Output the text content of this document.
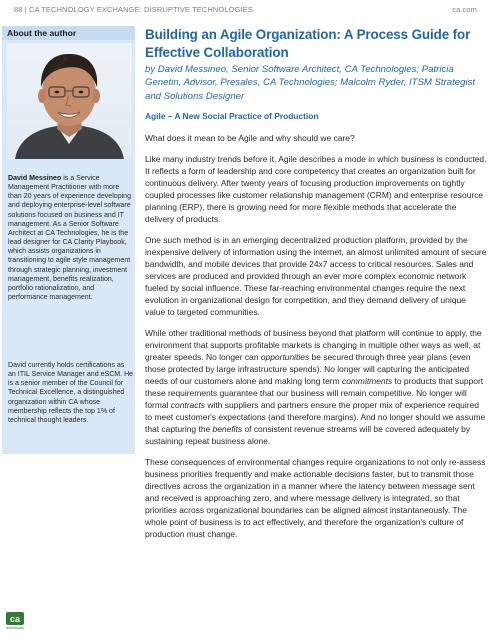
88 | CA TECHNOLOGY EXCHANGE: DISRUPTIVE TECHNOLOGIES	ca.com
About the author

David Messineo is a Service Management Practitioner with more than 20 years of experience developing and deploying enterprise-level software solutions focused on business and IT management. As a Senior Software Architect at CA Technologies, he is the lead designer for CA Clarity Playbook, which assists organizations in transitioning to agile style management through strategic planning, investment management, benefits realization, portfolio rationalization, and performance management.

David currently holds certifications as an ITIL Service Manager and eSCM. He is a senior member of the Council for Technical Excellence, a distinguished organization within CA whose membership reflects the top 1% of technical thought leaders.

Building an Agile Organization: A Process Guide for Effective Collaboration

by David Messineo, Senior Software Architect, CA Technologies; Patricia Genetin, Advisor, Presales, CA Technologies; Malcolm Ryder, ITSM Strategist and Solutions Designer

Agile – A New Social Practice of Production

What does it mean to be Agile and why should we care?

Like many industry trends before it, Agile describes a mode in which business is conducted. It reflects a form of leadership and core competency that creates an organization built for continuous delivery. After twenty years of focusing production improvements on tightly coupled processes like customer relationship management (CRM) and enterprise resource planning (ERP), there is growing need for more flexible methods that accelerate the delivery of products.

One such method is in an emerging decentralized production platform, provided by the inexpensive delivery of information using the internet, an almost unlimited amount of secure bandwidth, and mobile devices that provide 24x7 access to critical resources. Sales and services are produced and provided through an ever more complex economic network fueled by social influence. These far-reaching environmental changes require the next evolution in organizational design for competition, and they demand delivery of unique value to targeted communities.

While other traditional methods of business beyond that platform will continue to apply, the environment that supports profitable markets is changing in multiple other ways as well, at greater speeds. No longer can opportunities be secured through three year plans (even those protected by large infrastructure spends). No longer will capturing the anticipated needs of our customers alone and making long term commitments to products that support these requirements guarantee that our business will remain competitive. No longer will formal contracts with suppliers and partners ensure the proper mix of experience required to meet customer's expectations (and therefore margins). And no longer should we assume that capturing the benefits of consistent revenue streams will be covered adequately by sustaining repeat business alone.

These consequences of environmental changes require organizations to not only re-assess business priorities frequently and make actionable decisions faster, but to transmit those directives across the organization in a manner where the latency between message sent and received is approaching zero, and where message delivery is integrated, so that priorities across organizational boundaries can be aligned almost instantaneously. The whole point of business is to act effectively, and therefore the organization's culture of production must change.

ca
technologies
